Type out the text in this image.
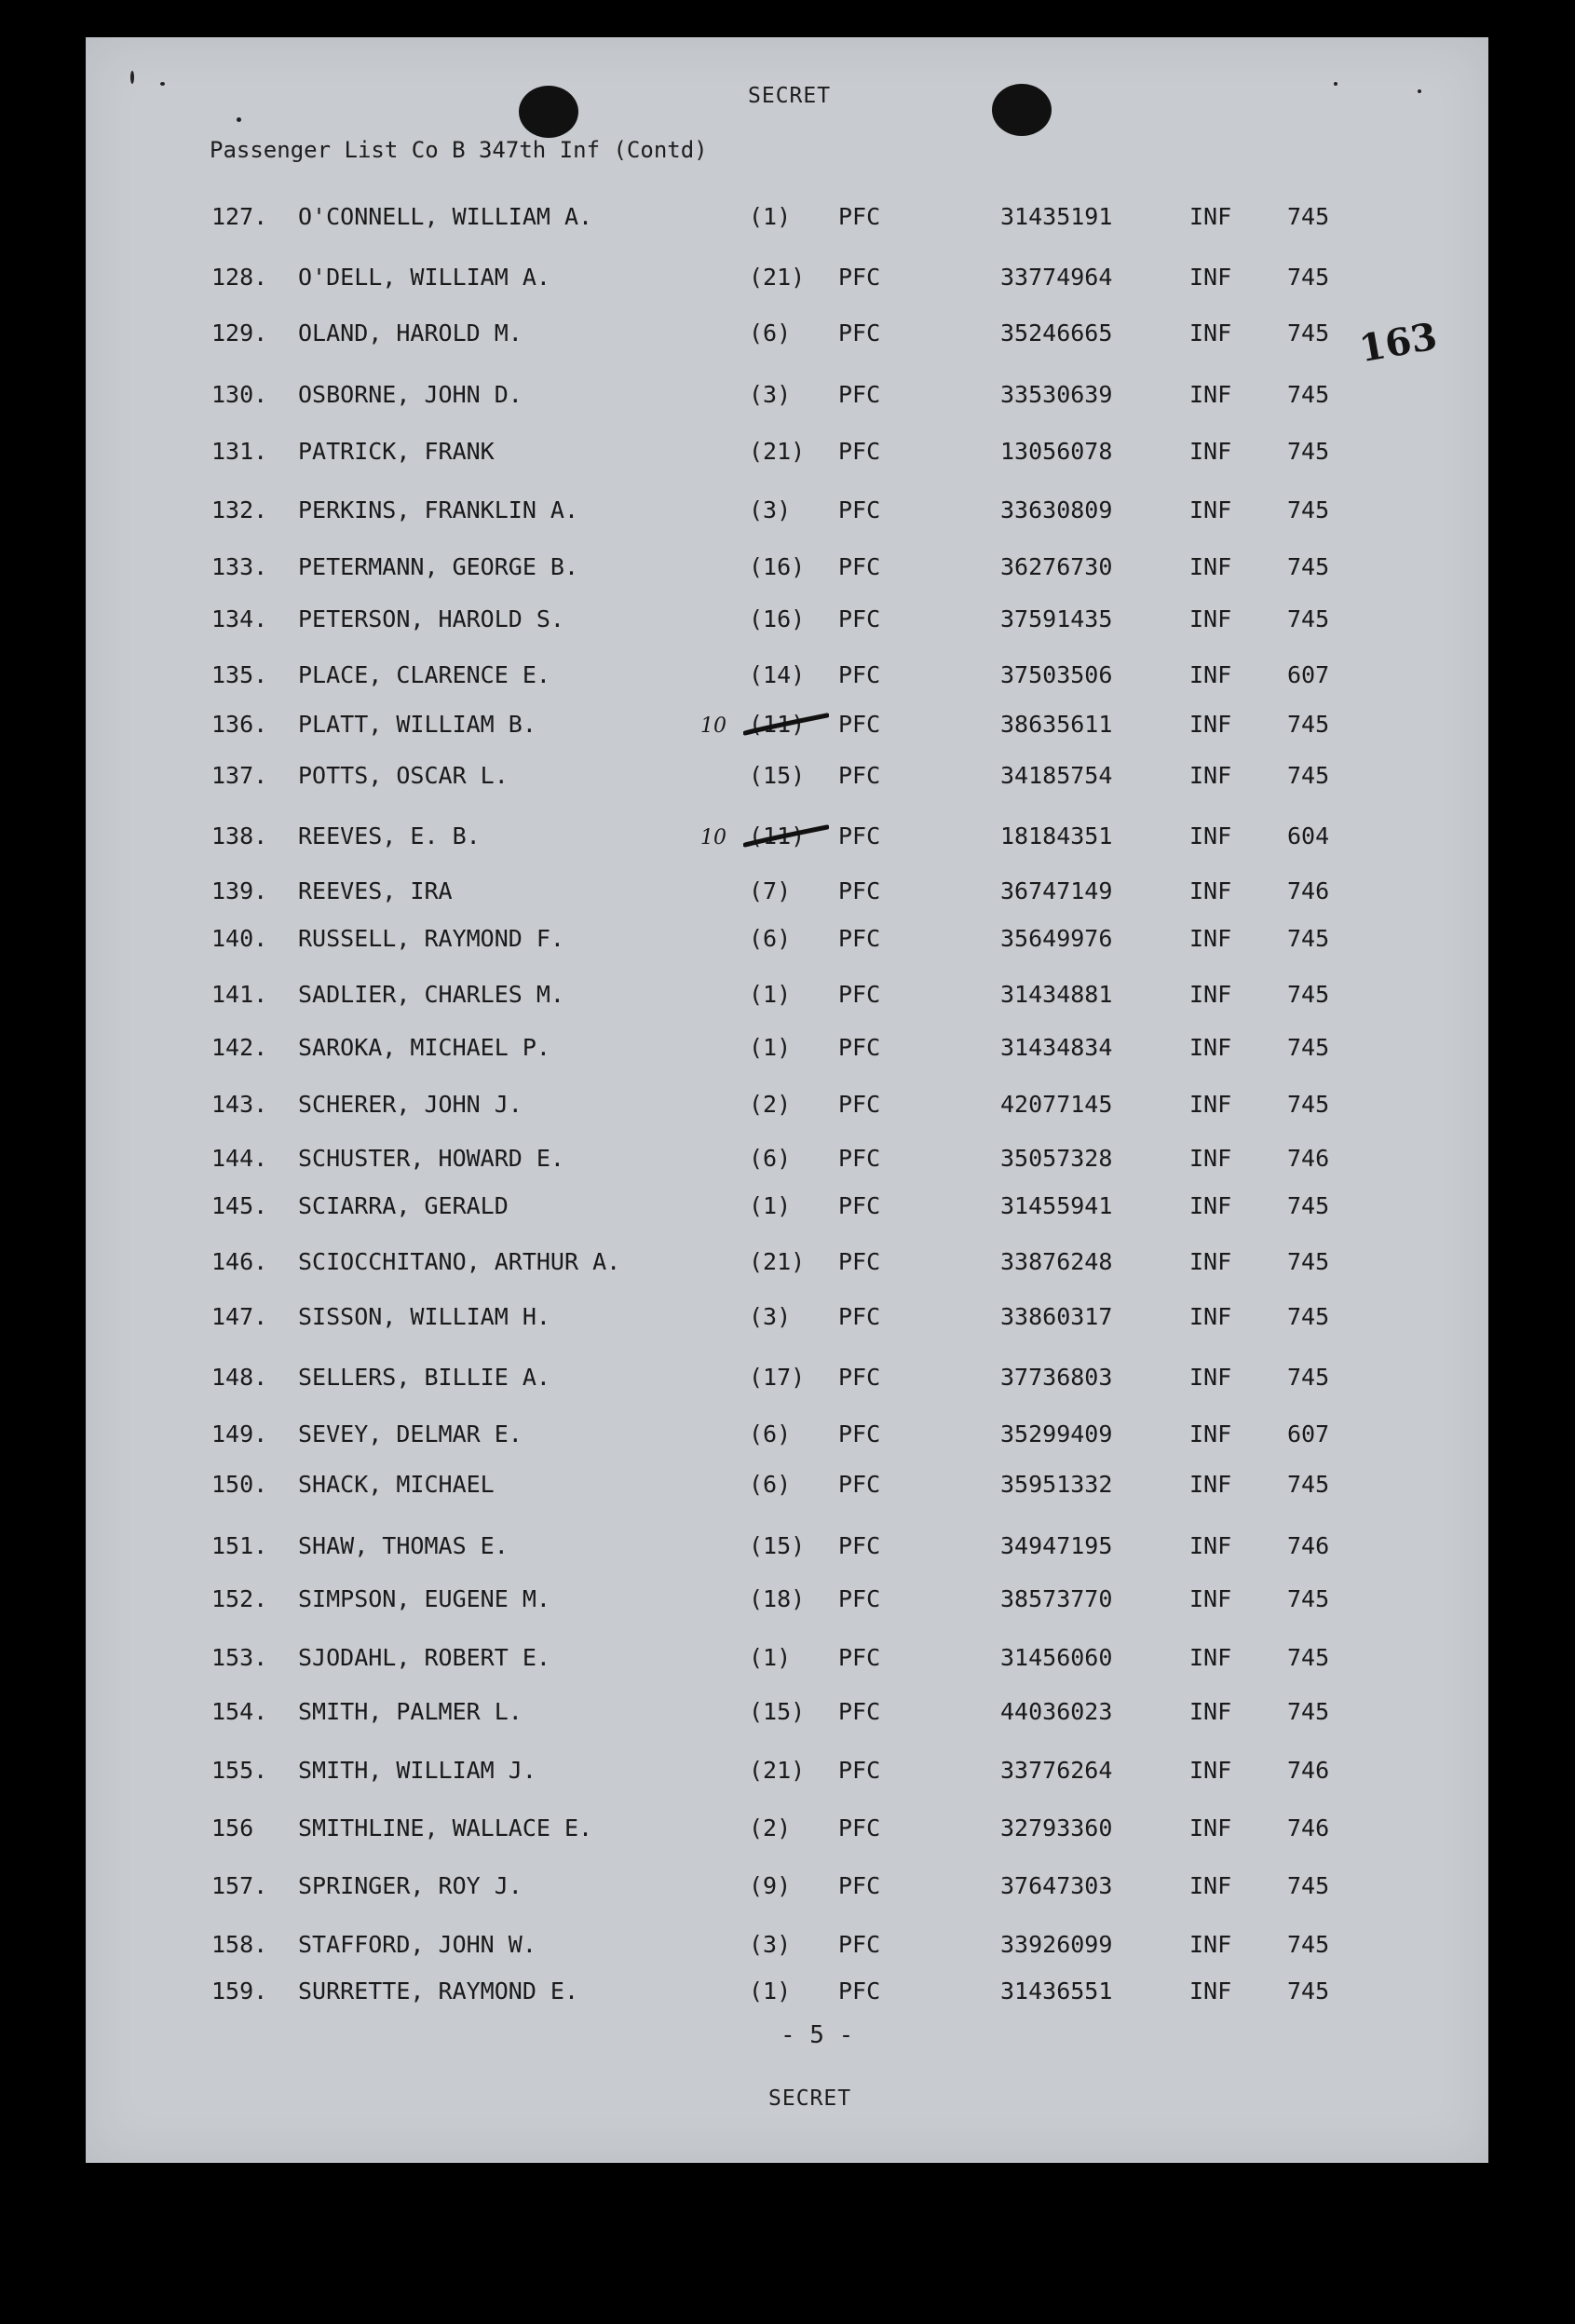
SECRET
Passenger List Co B 347th Inf (Contd)
163
127. O'CONNELL, WILLIAM A.	(1) PFC	31435191	INF 745
128. O'DELL, WILLIAM A.	(21) PFC	33774964	INF 745
129. OLAND, HAROLD M.	(6) PFC	35246665	INF 745
130. OSBORNE, JOHN D.	(3) PFC	33530639	INF 745
131. PATRICK, FRANK	(21) PFC	13056078	INF 745
132. PERKINS, FRANKLIN A.	(3) PFC	33630809	INF 745
133. PETERMANN, GEORGE B.	(16) PFC	36276730	INF 745
134. PETERSON, HAROLD S.	(16) PFC	37591435	INF 745
135. PLACE, CLARENCE E.	(14) PFC	37503506	INF 607
136. PLATT, WILLIAM B.	10 (11) PFC	38635611	INF 745
137. POTTS, OSCAR L.	(15) PFC	34185754	INF 745
138. REEVES, E. B.	10 (11) PFC	18184351	INF 604
139. REEVES, IRA	(7) PFC	36747149	INF 746
140. RUSSELL, RAYMOND F.	(6) PFC	35649976	INF 745
141. SADLIER, CHARLES M.	(1) PFC	31434881	INF 745
142. SAROKA, MICHAEL P.	(1) PFC	31434834	INF 745
143. SCHERER, JOHN J.	(2) PFC	42077145	INF 745
144. SCHUSTER, HOWARD E.	(6) PFC	35057328	INF 746
145. SCIARRA, GERALD	(1) PFC	31455941	INF 745
146. SCIOCCHITANO, ARTHUR A.	(21) PFC	33876248	INF 745
147. SISSON, WILLIAM H.	(3) PFC	33860317	INF 745
148. SELLERS, BILLIE A.	(17) PFC	37736803	INF 745
149. SEVEY, DELMAR E.	(6) PFC	35299409	INF 607
150. SHACK, MICHAEL	(6) PFC	35951332	INF 745
151. SHAW, THOMAS E.	(15) PFC	34947195	INF 746
152. SIMPSON, EUGENE M.	(18) PFC	38573770	INF 745
153. SJODAHL, ROBERT E.	(1) PFC	31456060	INF 745
154. SMITH, PALMER L.	(15) PFC	44036023	INF 745
155. SMITH, WILLIAM J.	(21) PFC	33776264	INF 746
156 SMITHLINE, WALLACE E.	(2) PFC	32793360	INF 746
157. SPRINGER, ROY J.	(9) PFC	37647303	INF 745
158. STAFFORD, JOHN W.	(3) PFC	33926099	INF 745
159. SURRETTE, RAYMOND E.	(1) PFC	31436551	INF 745
- 5 -
SECRET
